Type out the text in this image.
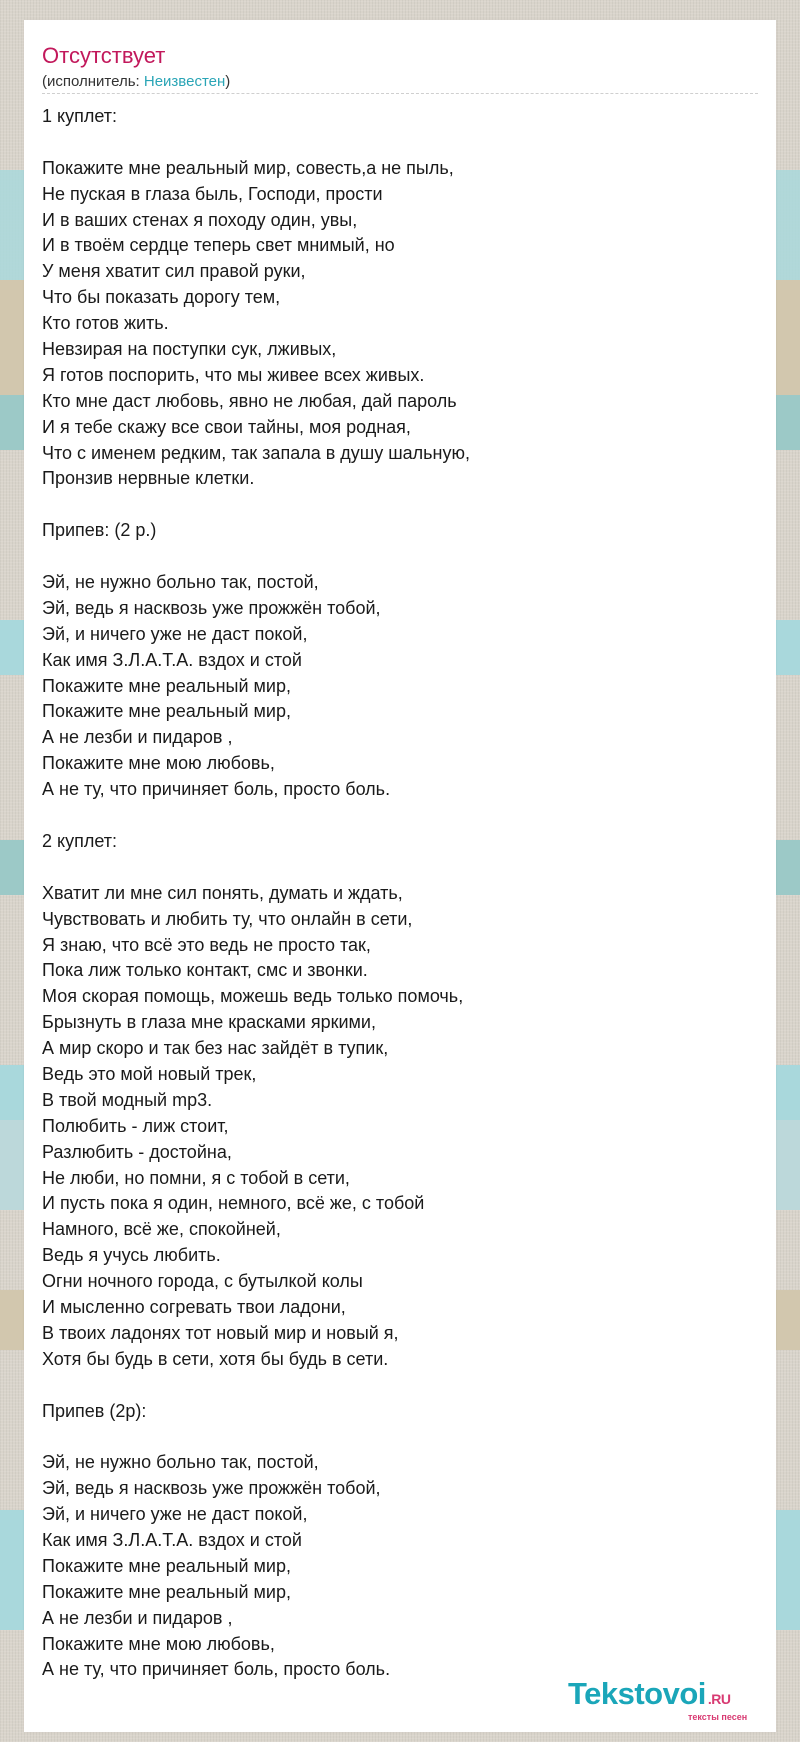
Отсутствует
(исполнитель: Неизвестен)
1 куплет:
Покажите мне реальный мир, совесть,а не пыль,
Не пуская в глаза быль, Господи, прости
И в ваших стенах я походу один, увы,
И в твоём сердце теперь свет мнимый, но
У меня хватит сил правой руки,
Что бы показать дорогу тем,
Кто готов жить.
Невзирая на поступки сук, лживых,
Я готов поспорить, что мы живее всех живых.
Кто мне даст любовь, явно не любая, дай пароль
И я тебе скажу все свои тайны, моя родная,
Что с именем редким, так запала в душу шальную,
Пронзив нервные клетки.
Припев: (2 р.)
Эй, не нужно больно так, постой,
Эй, ведь я насквозь уже прожжён тобой,
Эй, и ничего уже не даст покой,
Как имя З.Л.А.Т.А. вздох и стой
Покажите мне реальный мир,
Покажите мне реальный мир,
А не лезби и пидаров ,
Покажите мне мою любовь,
А не ту, что причиняет боль, просто боль.
2 куплет:
Хватит ли мне сил понять, думать и ждать,
Чувствовать и любить ту, что онлайн в сети,
Я знаю, что всё это ведь не просто так,
Пока лиж только контакт, смс и звонки.
Моя скорая помощь, можешь ведь только помочь,
Брызнуть в глаза мне красками яркими,
А мир скоро и так без нас зайдёт в тупик,
Ведь это мой новый трек,
В твой модный mp3.
Полюбить - лиж стоит,
Разлюбить - достойна,
Не люби, но помни, я с тобой в сети,
И пусть пока я один, немного, всё же, с тобой
Намного, всё же, спокойней,
Ведь я учусь любить.
Огни ночного города, с бутылкой колы
И мысленно согревать твои ладони,
В твоих ладонях тот новый мир и новый я,
Хотя бы будь в сети, хотя бы будь в сети.
Припев (2р):
Эй, не нужно больно так, постой,
Эй, ведь я насквозь уже прожжён тобой,
Эй, и ничего уже не даст покой,
Как имя З.Л.А.Т.А. вздох и стой
Покажите мне реальный мир,
Покажите мне реальный мир,
А не лезби и пидаров ,
Покажите мне мою любовь,
А не ту, что причиняет боль, просто боль.
Tekstovoi .RU
тексты песен
